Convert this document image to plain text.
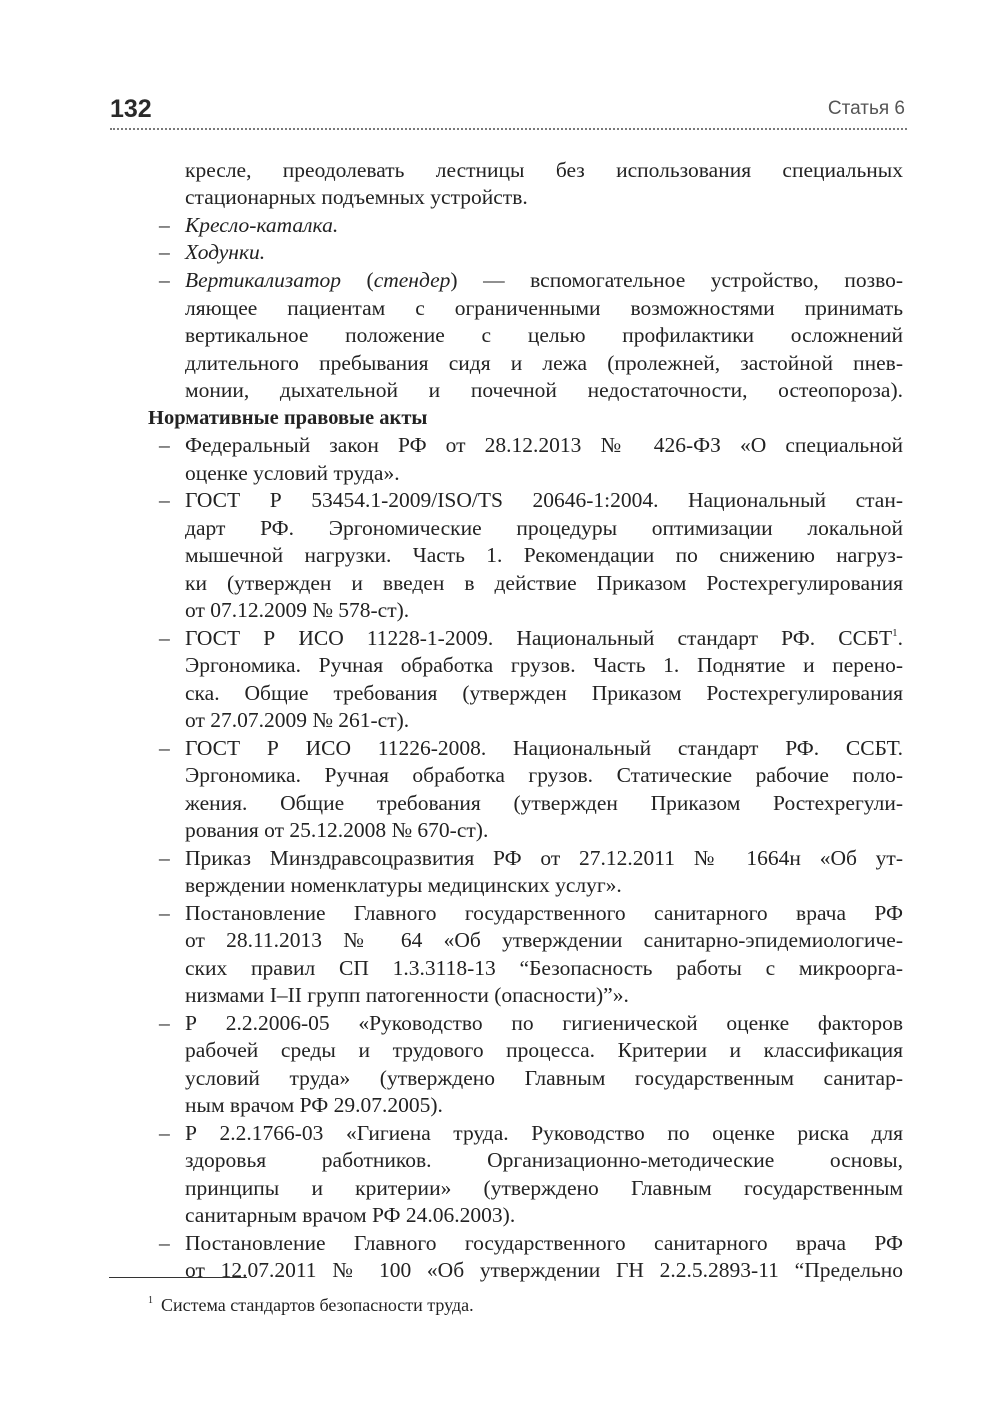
132	Статья 6
кресле, преодолевать лестницы без использования специальных
стационарных подъемных устройств.
– Кресло-каталка.
– Ходунки.
– Вертикализатор (стендер) — вспомогательное устройство, позво-
ляющее пациентам с ограниченными возможностями принимать
вертикальное положение с целью профилактики осложнений
длительного пребывания сидя и лежа (пролежней, застойной пнев-
монии, дыхательной и почечной недостаточности, остеопороза).
Нормативные правовые акты
– Федеральный закон РФ от 28.12.2013 № 426-ФЗ «О специальной
оценке условий труда».
– ГОСТ Р 53454.1-2009/ISO/TS 20646-1:2004. Национальный стан-
дарт РФ. Эргономические процедуры оптимизации локальной
мышечной нагрузки. Часть 1. Рекомендации по снижению нагруз-
ки (утвержден и введен в действие Приказом Ростехрегулирования
от 07.12.2009 № 578-ст).
– ГОСТ Р ИСО 11228-1-2009. Национальный стандарт РФ. ССБТ$^1$.
Эргономика. Ручная обработка грузов. Часть 1. Поднятие и перено-
ска. Общие требования (утвержден Приказом Ростехрегулирования
от 27.07.2009 № 261-ст).
– ГОСТ Р ИСО 11226-2008. Национальный стандарт РФ. ССБТ.
Эргономика. Ручная обработка грузов. Статические рабочие поло-
жения. Общие требования (утвержден Приказом Ростехрегули-
рования от 25.12.2008 № 670-ст).
– Приказ Минздравсоцразвития РФ от 27.12.2011 № 1664н «Об ут-
верждении номенклатуры медицинских услуг».
– Постановление Главного государственного санитарного врача РФ
от 28.11.2013 № 64 «Об утверждении санитарно-эпидемиологиче-
ских правил СП 1.3.3118-13 “Безопасность работы с микроорга-
низмами I–II групп патогенности (опасности)”».
– Р 2.2.2006-05 «Руководство по гигиенической оценке факторов
рабочей среды и трудового процесса. Критерии и классификация
условий труда» (утверждено Главным государственным санитар-
ным врачом РФ 29.07.2005).
– Р 2.2.1766-03 «Гигиена труда. Руководство по оценке риска для
здоровья работников. Организационно-методические основы,
принципы и критерии» (утверждено Главным государственным
санитарным врачом РФ 24.06.2003).
– Постановление Главного государственного санитарного врача РФ
от 12.07.2011 № 100 «Об утверждении ГН 2.2.5.2893-11 “Предельно
$^1$ Система стандартов безопасности труда.
